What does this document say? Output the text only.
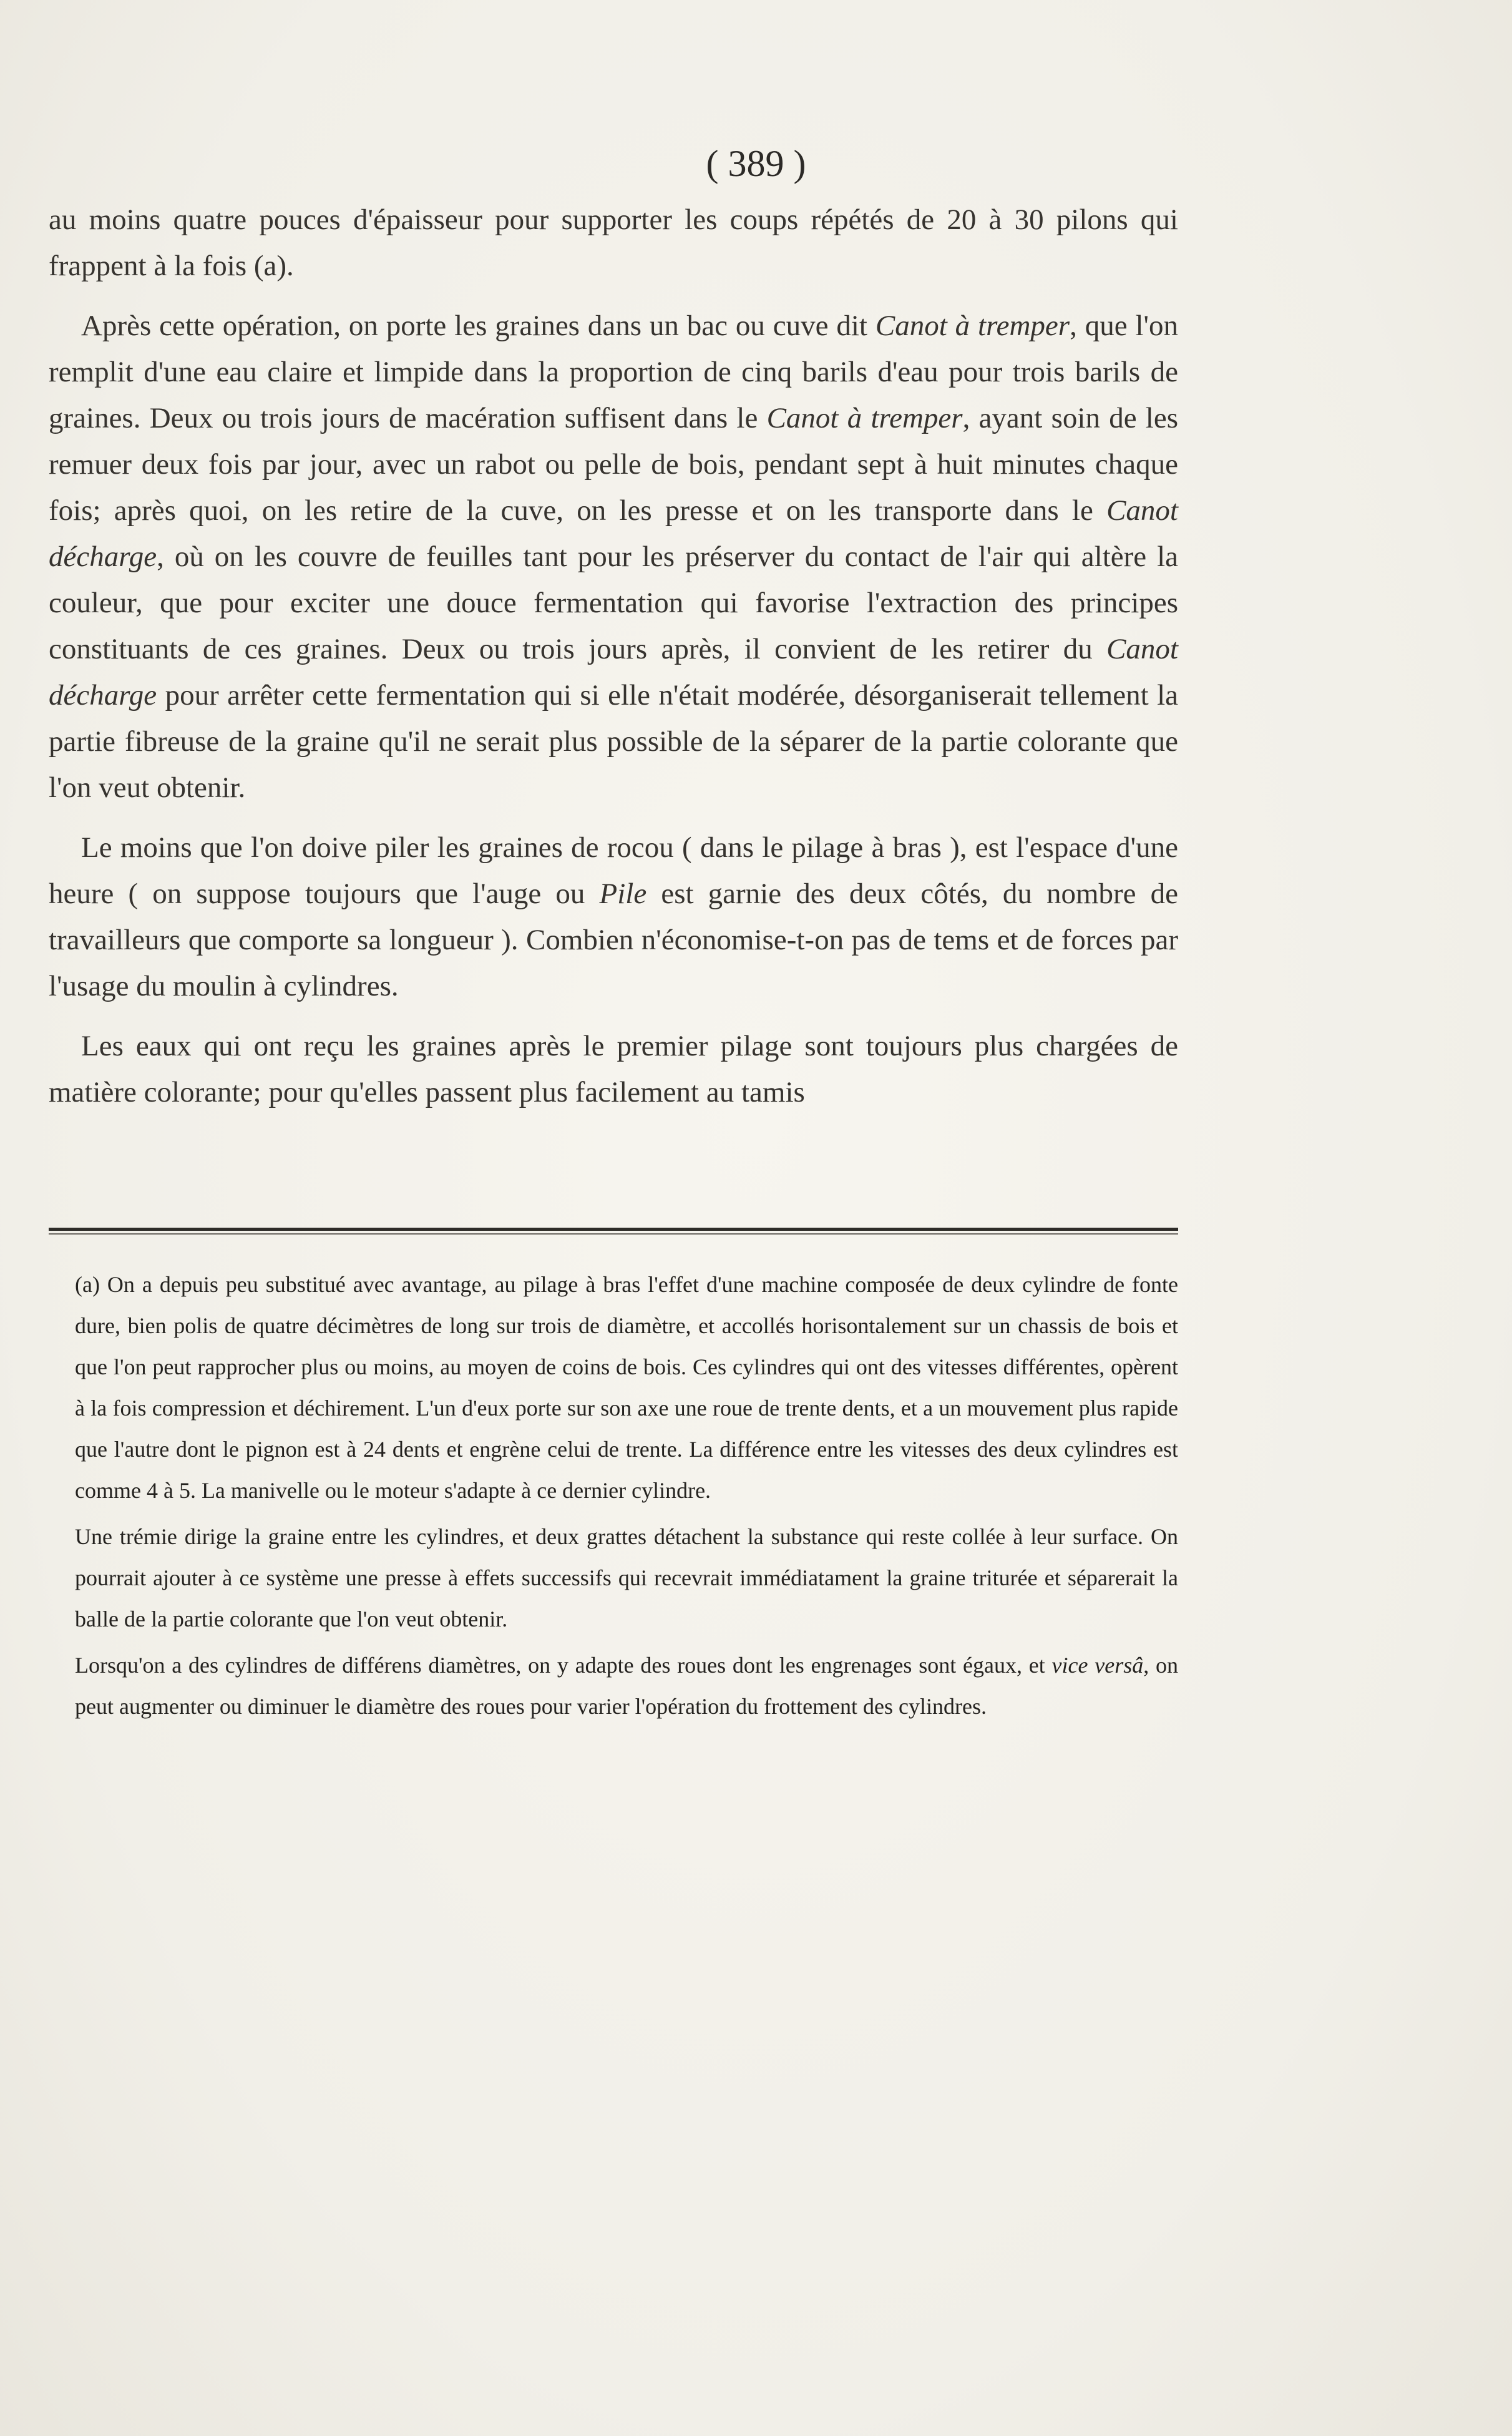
( 389 )

au moins quatre pouces d'épaisseur pour supporter les coups répétés de 20 à 30 pilons qui frappent à la fois (a).

Après cette opération, on porte les graines dans un bac ou cuve dit Canot à tremper, que l'on remplit d'une eau claire et limpide dans la proportion de cinq barils d'eau pour trois barils de graines. Deux ou trois jours de macération suffisent dans le Canot à tremper, ayant soin de les remuer deux fois par jour, avec un rabot ou pelle de bois, pendant sept à huit minutes chaque fois; après quoi, on les retire de la cuve, on les presse et on les transporte dans le Canot décharge, où on les couvre de feuilles tant pour les préserver du contact de l'air qui altère la couleur, que pour exciter une douce fermentation qui favorise l'extraction des principes constituants de ces graines. Deux ou trois jours après, il convient de les retirer du Canot décharge pour arrêter cette fermentation qui si elle n'était modérée, désorganiserait tellement la partie fibreuse de la graine qu'il ne serait plus possible de la séparer de la partie colorante que l'on veut obtenir.

Le moins que l'on doive piler les graines de rocou ( dans le pilage à bras ), est l'espace d'une heure ( on suppose toujours que l'auge ou Pile est garnie des deux côtés, du nombre de travailleurs que comporte sa longueur ). Combien n'économise-t-on pas de tems et de forces par l'usage du moulin à cylindres.

Les eaux qui ont reçu les graines après le premier pilage sont toujours plus chargées de matière colorante; pour qu'elles passent plus facilement au tamis

(a) On a depuis peu substitué avec avantage, au pilage à bras l'effet d'une machine composée de deux cylindre de fonte dure, bien polis de quatre décimètres de long sur trois de diamètre, et accollés horisontalement sur un chassis de bois et que l'on peut rapprocher plus ou moins, au moyen de coins de bois. Ces cylindres qui ont des vitesses différentes, opèrent à la fois compression et déchirement. L'un d'eux porte sur son axe une roue de trente dents, et a un mouvement plus rapide que l'autre dont le pignon est à 24 dents et engrène celui de trente. La différence entre les vitesses des deux cylindres est comme 4 à 5. La manivelle ou le moteur s'adapte à ce dernier cylindre.

Une trémie dirige la graine entre les cylindres, et deux grattes détachent la substance qui reste collée à leur surface. On pourrait ajouter à ce système une presse à effets successifs qui recevrait immédiatament la graine triturée et séparerait la balle de la partie colorante que l'on veut obtenir.

Lorsqu'on a des cylindres de différens diamètres, on y adapte des roues dont les engrenages sont égaux, et vice versâ, on peut augmenter ou diminuer le diamètre des roues pour varier l'opération du frottement des cylindres.
